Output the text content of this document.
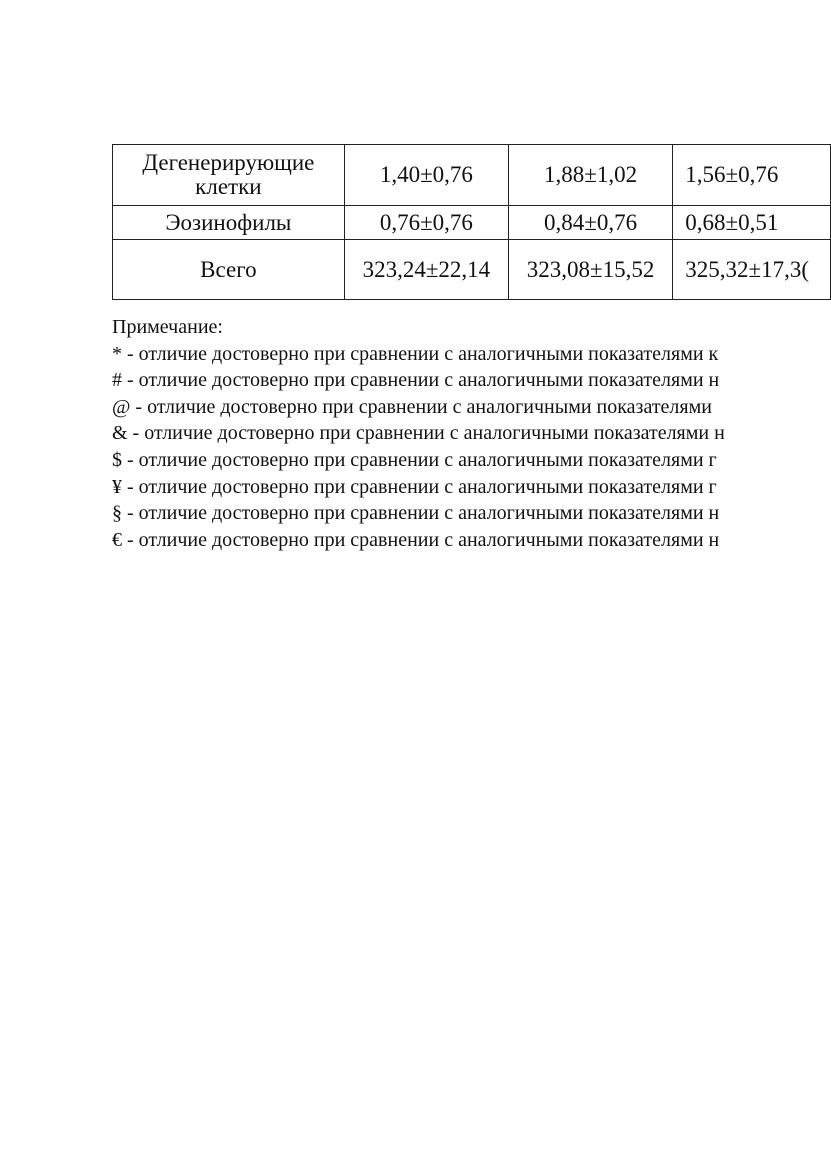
Дегенерирующие клетки	1,40±0,76	1,88±1,02	1,56±0,76
Эозинофилы	0,76±0,76	0,84±0,76	0,68±0,51
Всего	323,24±22,14	323,08±15,52	325,32±17,3(
Примечание:
* - отличие достоверно при сравнении с аналогичными показателями к
# - отличие достоверно при сравнении с аналогичными показателями н
@ - отличие достоверно при сравнении с аналогичными показателями
& - отличие достоверно при сравнении с аналогичными показателями н
$ - отличие достоверно при сравнении с аналогичными показателями г
¥ - отличие достоверно при сравнении с аналогичными показателями г
§ - отличие достоверно при сравнении с аналогичными показателями н
€ - отличие достоверно при сравнении с аналогичными показателями н
